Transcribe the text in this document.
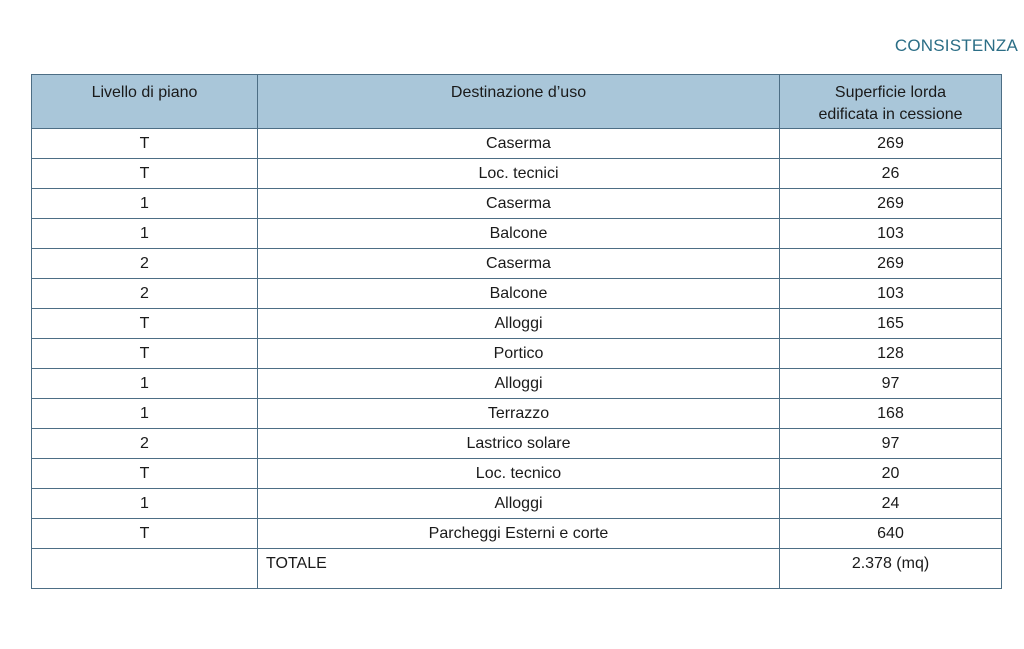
CONSISTENZA
Livello di piano	Destinazione d’uso	Superficie lorda
edificata in cessione
T	Caserma	269
T	Loc. tecnici	26
1	Caserma	269
1	Balcone	103
2	Caserma	269
2	Balcone	103
T	Alloggi	165
T	Portico	128
1	Alloggi	97
1	Terrazzo	168
2	Lastrico solare	97
T	Loc. tecnico	20
1	Alloggi	24
T	Parcheggi Esterni e corte	640
	TOTALE	2.378 (mq)
